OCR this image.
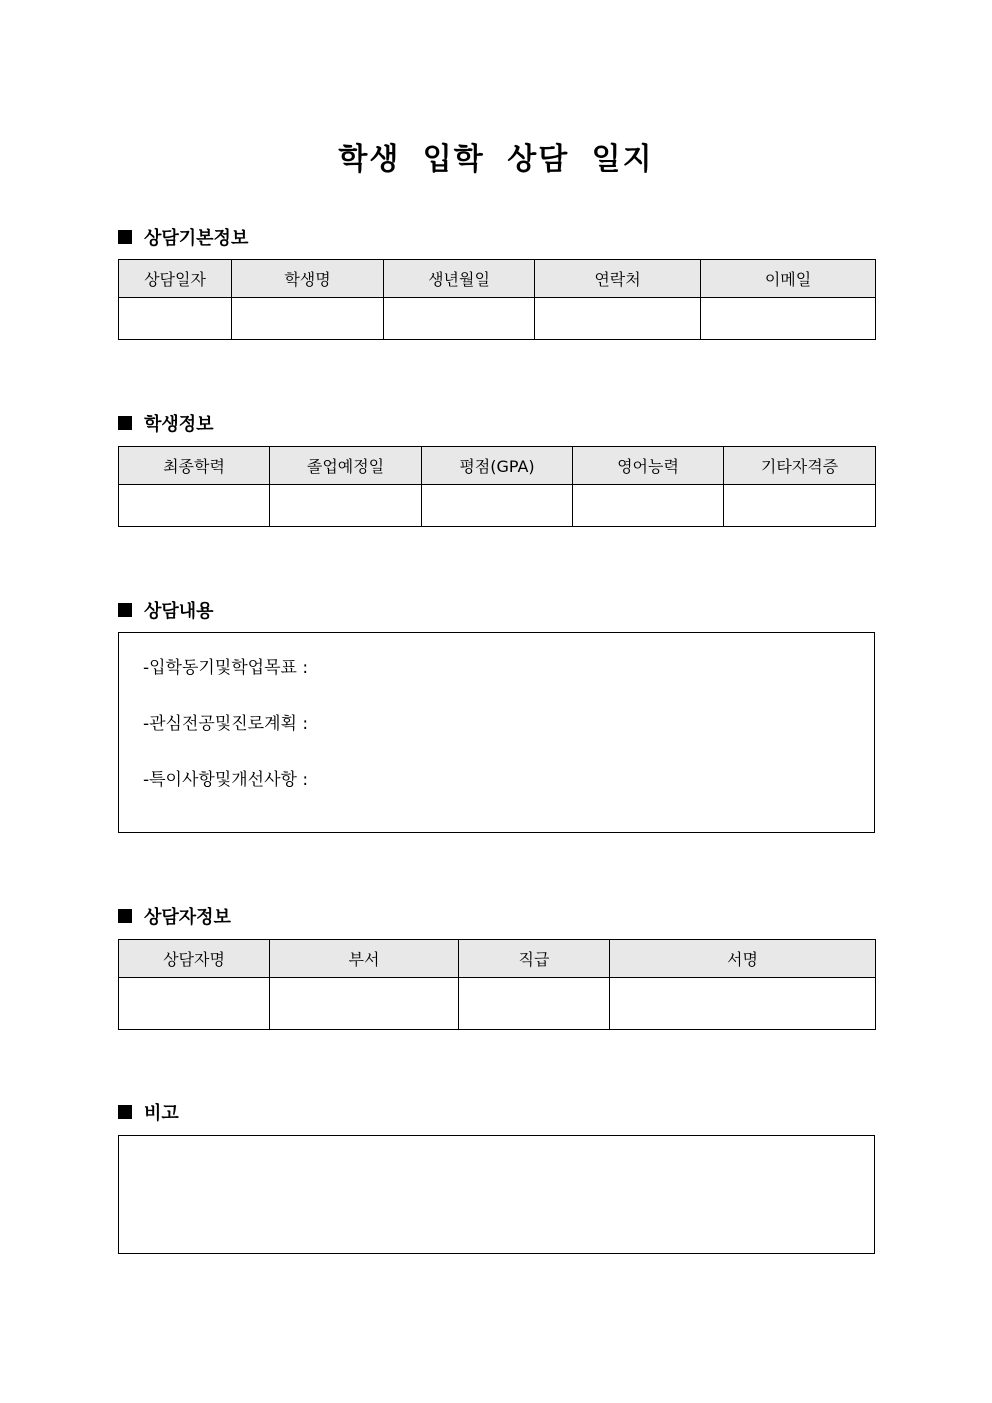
학생 입학 상담 일지
상담기본정보
상담일자	학생명	생년월일	연락처	이메일

학생정보
최종학력	졸업예정일	평점(GPA)	영어능력	기타자격증

상담내용

-입학동기및학업목표 :

-관심전공및진로계획 :

-특이사항및개선사항 :

상담자정보
상담자명	부서	직급	서명

비고
